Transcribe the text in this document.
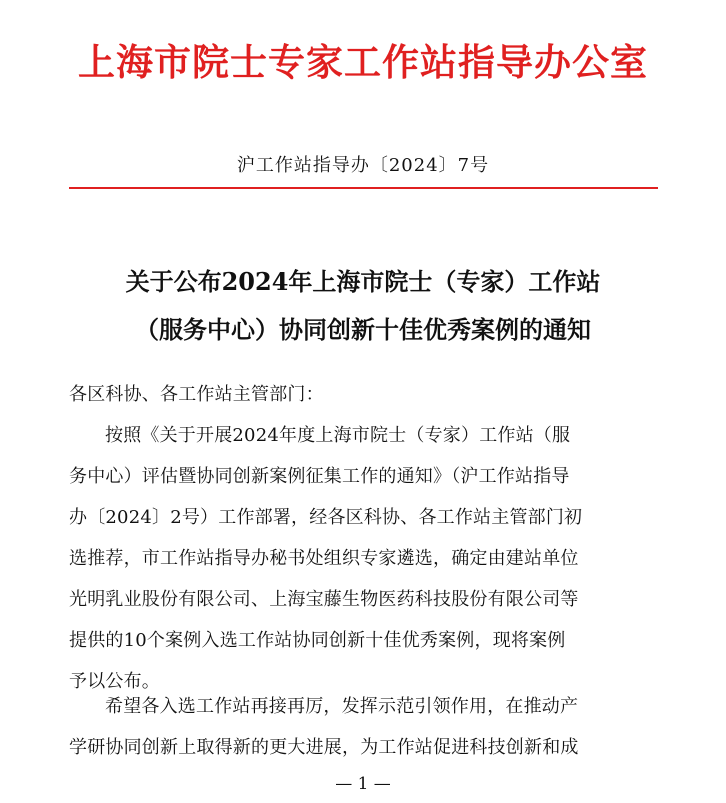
上海市院士专家工作站指导办公室
沪工作站指导办〔2024〕7号
关于公布2024年上海市院士（专家）工作站
（服务中心）协同创新十佳优秀案例的通知
各区科协、各工作站主管部门：
按照《关于开展2024年度上海市院士（专家）工作站（服
务中心）评估暨协同创新案例征集工作的通知》（沪工作站指导
办〔2024〕2号）工作部署，经各区科协、各工作站主管部门初
选推荐，市工作站指导办秘书处组织专家遴选，确定由建站单位
光明乳业股份有限公司、上海宝藤生物医药科技股份有限公司等
提供的10个案例入选工作站协同创新十佳优秀案例，现将案例
予以公布。
希望各入选工作站再接再厉，发挥示范引领作用，在推动产
学研协同创新上取得新的更大进展，为工作站促进科技创新和成
— 1 —
